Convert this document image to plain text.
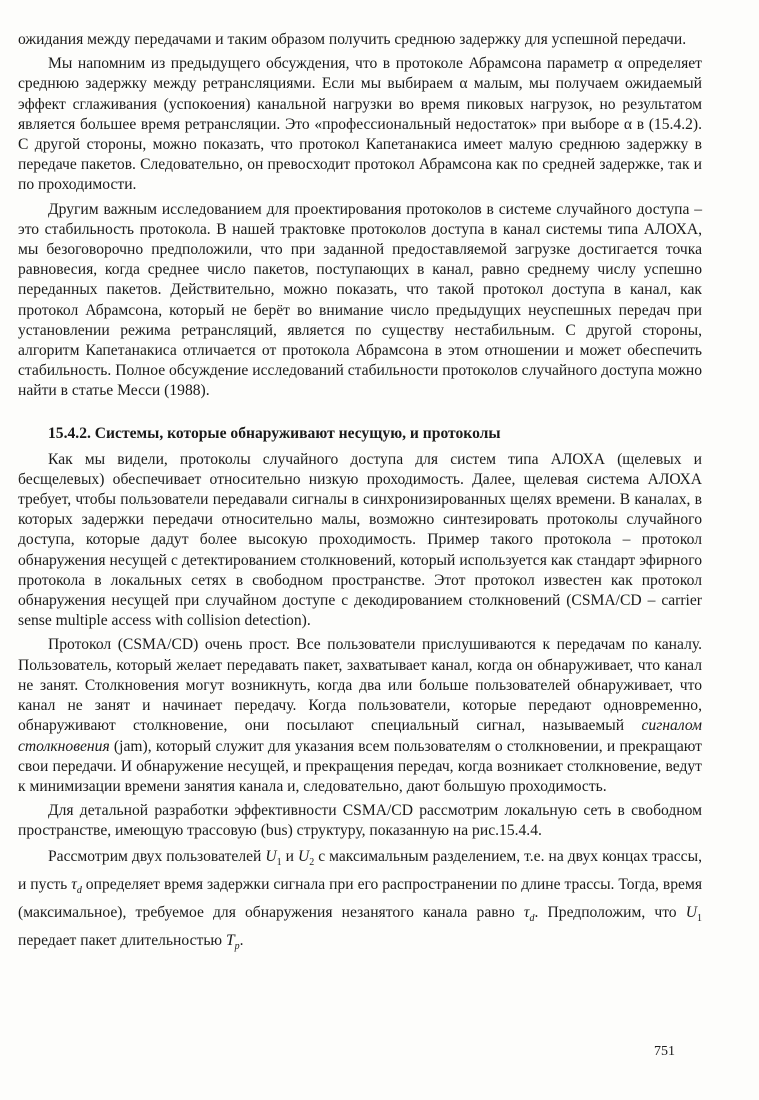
ожидания между передачами и таким образом получить среднюю задержку для успешной передачи.

Мы напомним из предыдущего обсуждения, что в протоколе Абрамсона параметр α определяет среднюю задержку между ретрансляциями. Если мы выбираем α малым, мы получаем ожидаемый эффект сглаживания (успокоения) канальной нагрузки во время пиковых нагрузок, но результатом является большее время ретрансляции. Это «профессиональный недостаток» при выборе α в (15.4.2). С другой стороны, можно показать, что протокол Капетанакиса имеет малую среднюю задержку в передаче пакетов. Следовательно, он превосходит протокол Абрамсона как по средней задержке, так и по проходимости.

Другим важным исследованием для проектирования протоколов в системе случайного доступа – это стабильность протокола. В нашей трактовке протоколов доступа в канал системы типа АЛОХА, мы безоговорочно предположили, что при заданной предоставляемой загрузке достигается точка равновесия, когда среднее число пакетов, поступающих в канал, равно среднему числу успешно переданных пакетов. Действительно, можно показать, что такой протокол доступа в канал, как протокол Абрамсона, который не берёт во внимание число предыдущих неуспешных передач при установлении режима ретрансляций, является по существу нестабильным. С другой стороны, алгоритм Капетанакиса отличается от протокола Абрамсона в этом отношении и может обеспечить стабильность. Полное обсуждение исследований стабильности протоколов случайного доступа можно найти в статье Месси (1988).

15.4.2. Системы, которые обнаруживают несущую, и протоколы

Как мы видели, протоколы случайного доступа для систем типа АЛОХА (щелевых и бесщелевых) обеспечивает относительно низкую проходимость. Далее, щелевая система АЛОХА требует, чтобы пользователи передавали сигналы в синхронизированных щелях времени. В каналах, в которых задержки передачи относительно малы, возможно синтезировать протоколы случайного доступа, которые дадут более высокую проходимость. Пример такого протокола – протокол обнаружения несущей с детектированием столкновений, который используется как стандарт эфирного протокола в локальных сетях в свободном пространстве. Этот протокол известен как протокол обнаружения несущей при случайном доступе с декодированием столкновений (CSMA/CD – carrier sense multiple access with collision detection).

Протокол (CSMA/CD) очень прост. Все пользователи прислушиваются к передачам по каналу. Пользователь, который желает передавать пакет, захватывает канал, когда он обнаруживает, что канал не занят. Столкновения могут возникнуть, когда два или больше пользователей обнаруживает, что канал не занят и начинает передачу. Когда пользователи, которые передают одновременно, обнаруживают столкновение, они посылают специальный сигнал, называемый сигналом столкновения (jam), который служит для указания всем пользователям о столкновении, и прекращают свои передачи. И обнаружение несущей, и прекращения передач, когда возникает столкновение, ведут к минимизации времени занятия канала и, следовательно, дают большую проходимость.

Для детальной разработки эффективности CSMA/CD рассмотрим локальную сеть в свободном пространстве, имеющую трассовую (bus) структуру, показанную на рис.15.4.4.

Рассмотрим двух пользователей $U_1$ и $U_2$ с максимальным разделением, т.е. на двух концах трассы, и пусть $\tau_d$ определяет время задержки сигнала при его распространении по длине трассы. Тогда, время (максимальное), требуемое для обнаружения незанятого канала равно $\tau_d$. Предположим, что $U_1$ передает пакет длительностью $T_p$.

751
